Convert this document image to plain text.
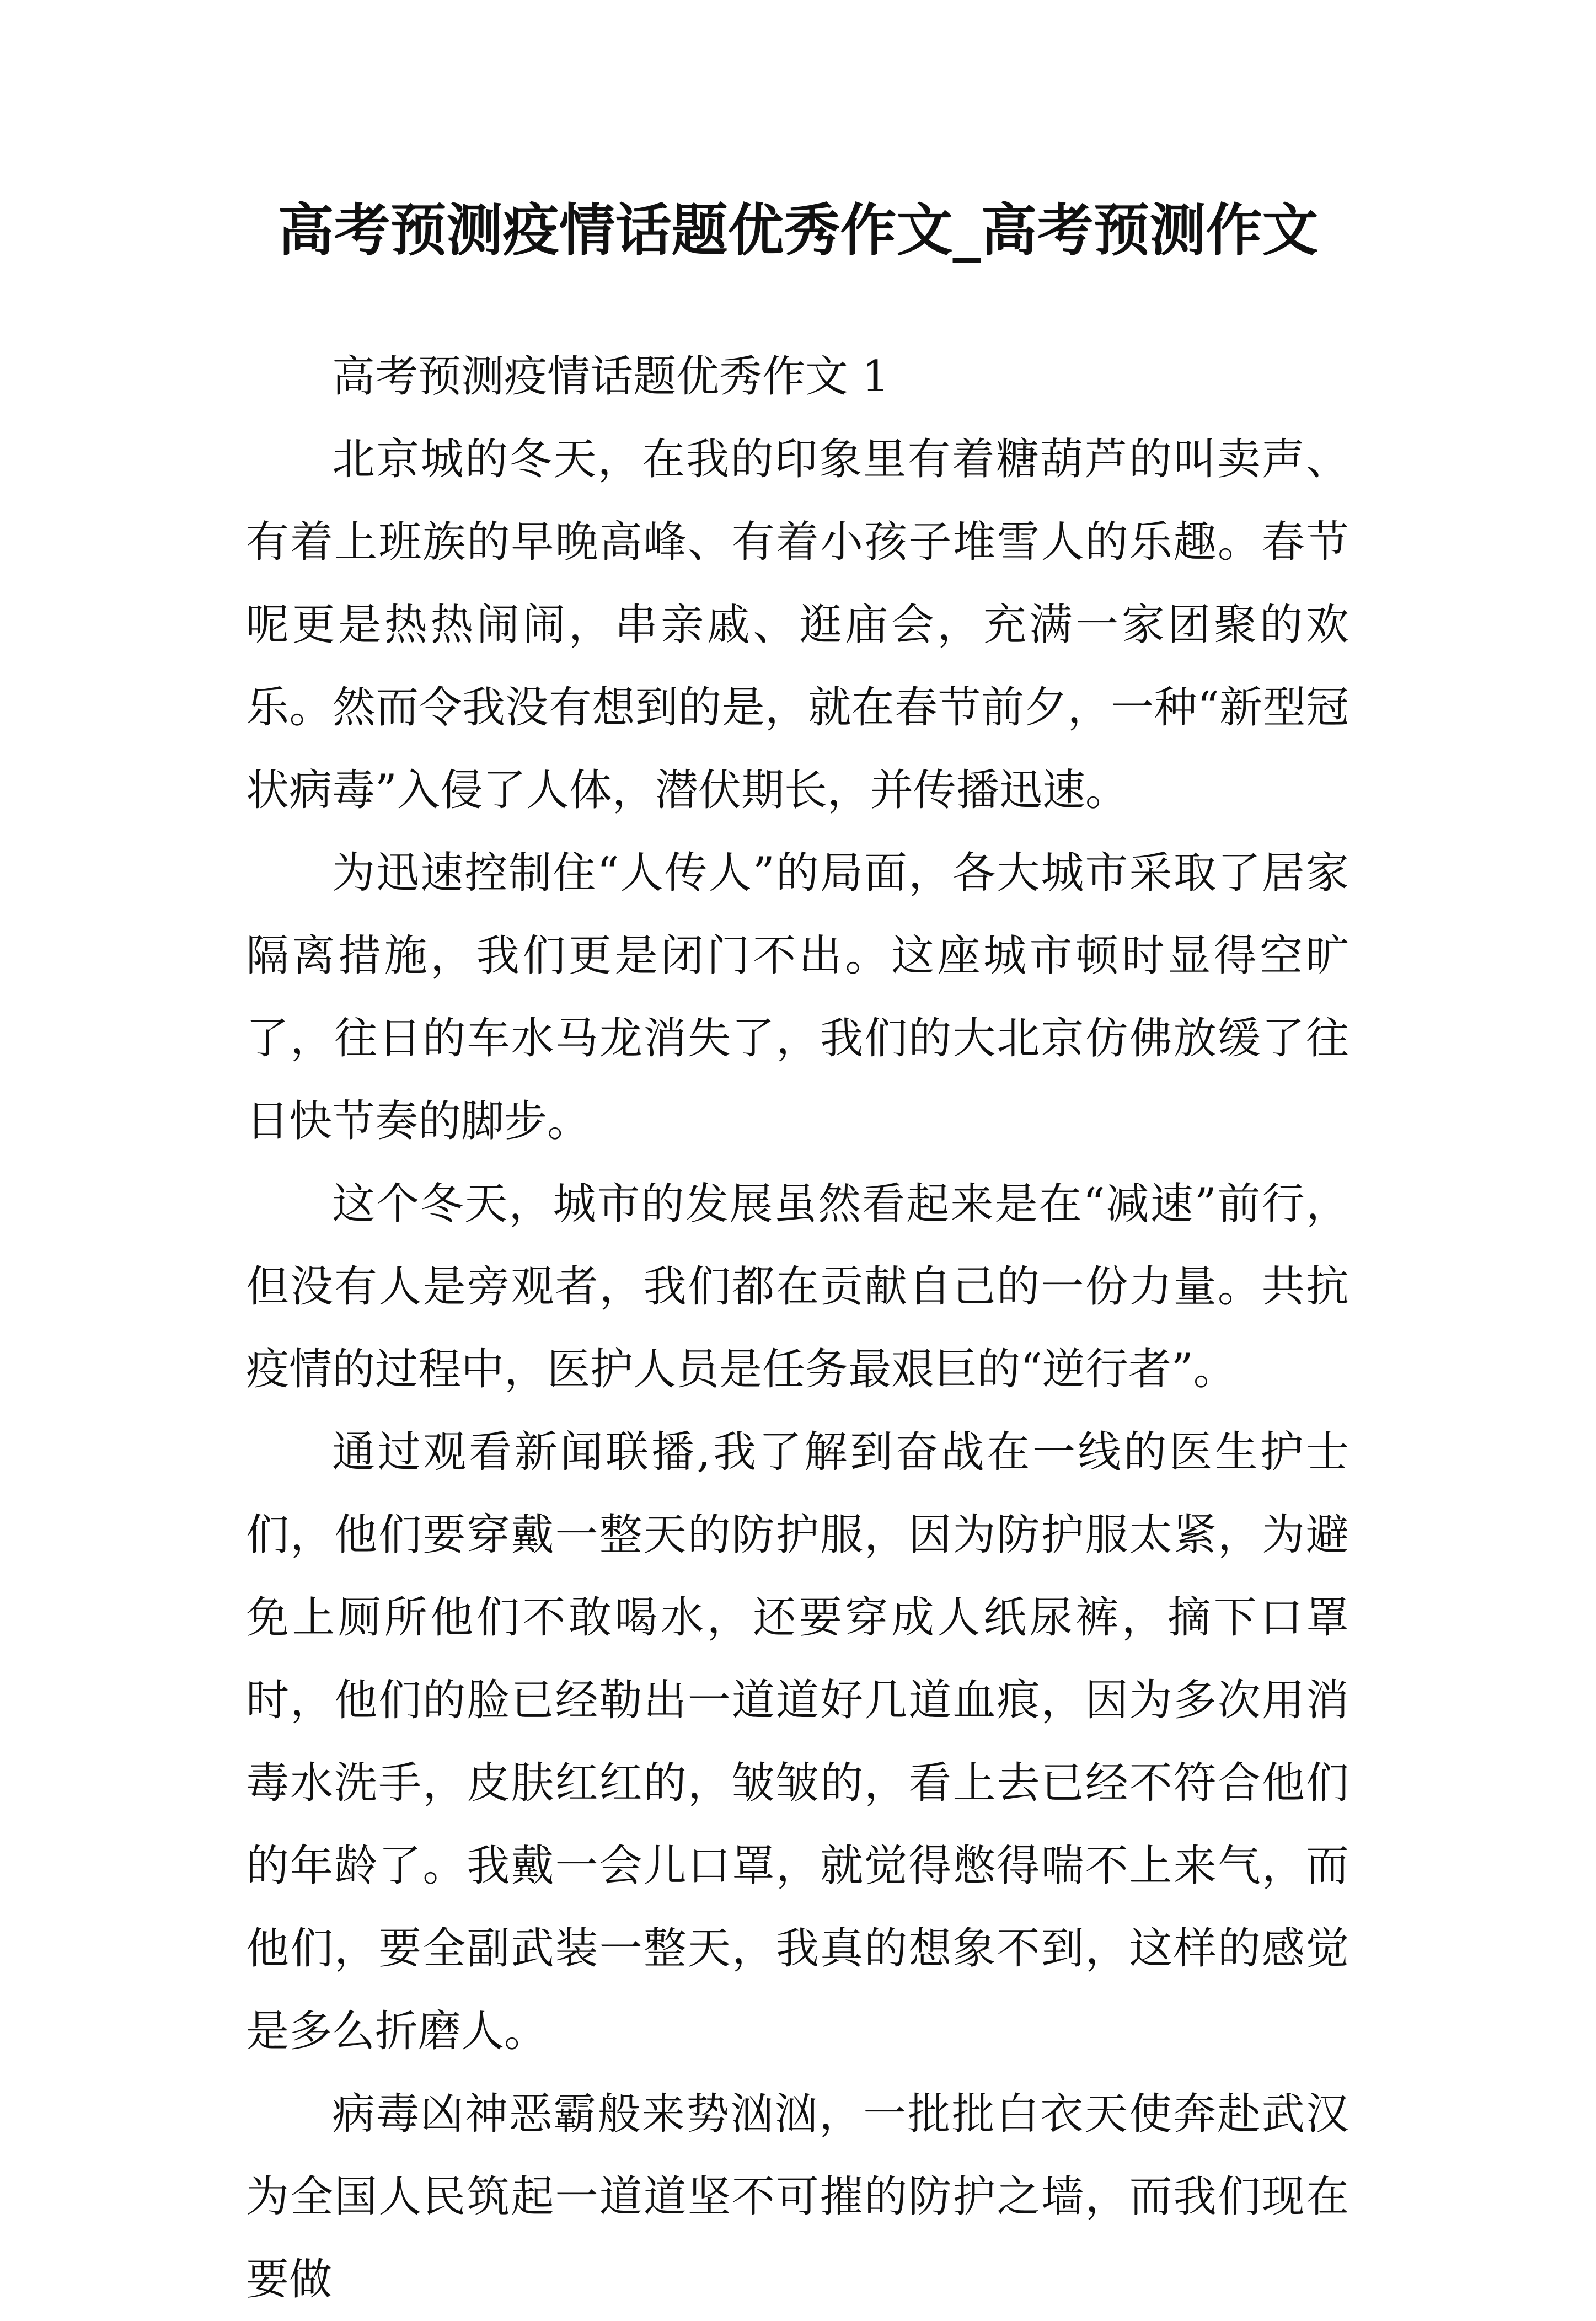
高考预测疫情话题优秀作文_高考预测作文

高考预测疫情话题优秀作文 1

北京城的冬天，在我的印象里有着糖葫芦的叫卖声、有着上班族的早晚高峰、有着小孩子堆雪人的乐趣。春节呢更是热热闹闹，串亲戚、逛庙会，充满一家团聚的欢乐。然而令我没有想到的是，就在春节前夕，一种“新型冠状病毒”入侵了人体，潜伏期长，并传播迅速。

为迅速控制住“人传人”的局面，各大城市采取了居家隔离措施，我们更是闭门不出。这座城市顿时显得空旷了，往日的车水马龙消失了，我们的大北京仿佛放缓了往日快节奏的脚步。

这个冬天，城市的发展虽然看起来是在“减速”前行，但没有人是旁观者，我们都在贡献自己的一份力量。共抗疫情的过程中，医护人员是任务最艰巨的“逆行者”。

通过观看新闻联播,我了解到奋战在一线的医生护士们，他们要穿戴一整天的防护服，因为防护服太紧，为避免上厕所他们不敢喝水，还要穿成人纸尿裤，摘下口罩时，他们的脸已经勒出一道道好几道血痕，因为多次用消毒水洗手，皮肤红红的，皱皱的，看上去已经不符合他们的年龄了。我戴一会儿口罩，就觉得憋得喘不上来气，而他们，要全副武装一整天，我真的想象不到，这样的感觉是多么折磨人。

病毒凶神恶霸般来势汹汹，一批批白衣天使奔赴武汉为全国人民筑起一道道坚不可摧的防护之墙，而我们现在要做
